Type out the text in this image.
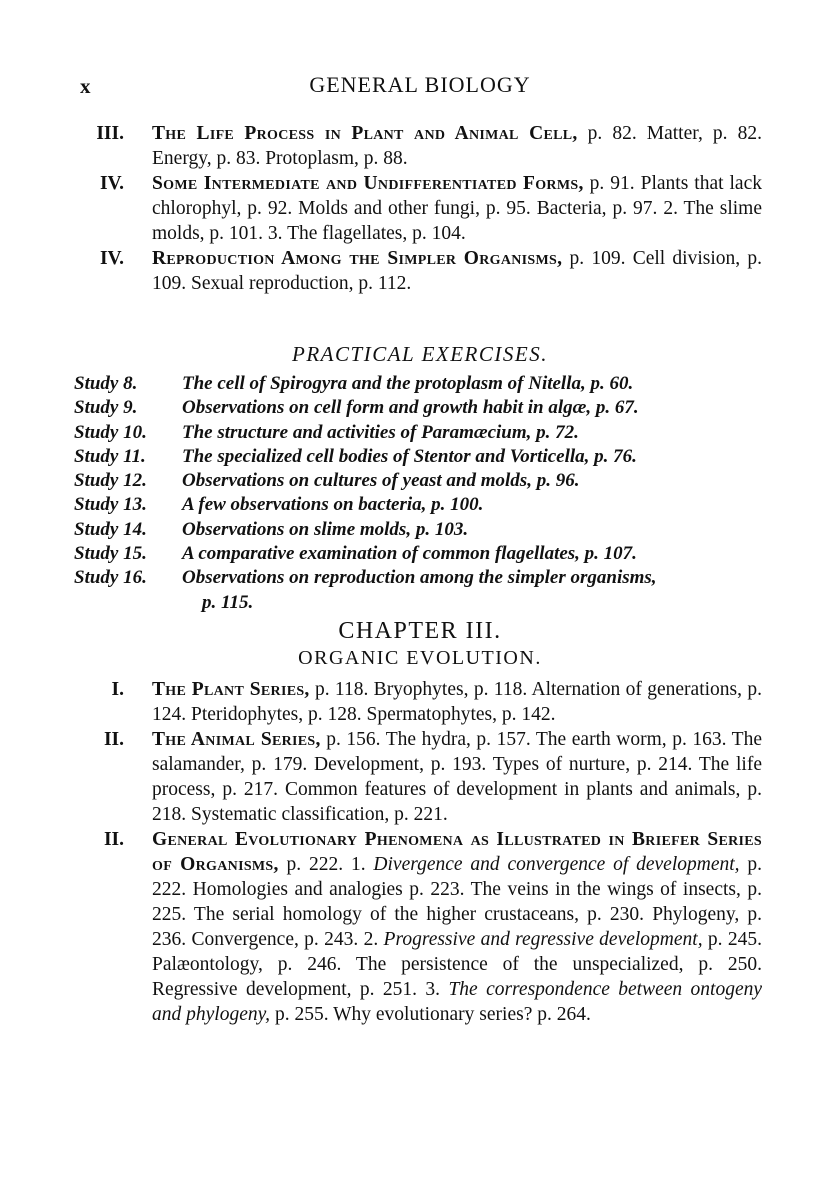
x	GENERAL BIOLOGY
III. The Life Process in Plant and Animal Cell, p. 82. Matter, p. 82. Energy, p. 83. Protoplasm, p. 88.
IV. Some Intermediate and Undifferentiated Forms, p. 91. Plants that lack chlorophyl, p. 92. Molds and other fungi, p. 95. Bacteria, p. 97. 2. The slime molds, p. 101. 3. The flagellates, p. 104.
IV. Reproduction Among the Simpler Organisms, p. 109. Cell division, p. 109. Sexual reproduction, p. 112.
PRACTICAL EXERCISES.
Study 8.	The cell of Spirogyra and the protoplasm of Nitella, p. 60.
Study 9.	Observations on cell form and growth habit in algæ, p. 67.
Study 10.	The structure and activities of Paramæcium, p. 72.
Study 11.	The specialized cell bodies of Stentor and Vorticella, p. 76.
Study 12.	Observations on cultures of yeast and molds, p. 96.
Study 13.	A few observations on bacteria, p. 100.
Study 14.	Observations on slime molds, p. 103.
Study 15.	A comparative examination of common flagellates, p. 107.
Study 16.	Observations on reproduction among the simpler organisms,
p. 115.
CHAPTER III.
ORGANIC EVOLUTION.
I. The Plant Series, p. 118. Bryophytes, p. 118. Alternation of generations, p. 124. Pteridophytes, p. 128. Spermatophytes, p. 142.
II. The Animal Series, p. 156. The hydra, p. 157. The earth worm, p. 163. The salamander, p. 179. Development, p. 193. Types of nurture, p. 214. The life process, p. 217. Common features of development in plants and animals, p. 218. Systematic classification, p. 221.
II. General Evolutionary Phenomena as Illustrated in Briefer Series of Organisms, p. 222. 1. Divergence and convergence of development, p. 222. Homologies and analogies p. 223. The veins in the wings of insects, p. 225. The serial homology of the higher crustaceans, p. 230. Phylogeny, p. 236. Convergence, p. 243. 2. Progressive and regressive development, p. 245. Palæontology, p. 246. The persistence of the unspecialized, p. 250. Regressive development, p. 251. 3. The correspondence between ontogeny and phylogeny, p. 255. Why evolutionary series? p. 264.
